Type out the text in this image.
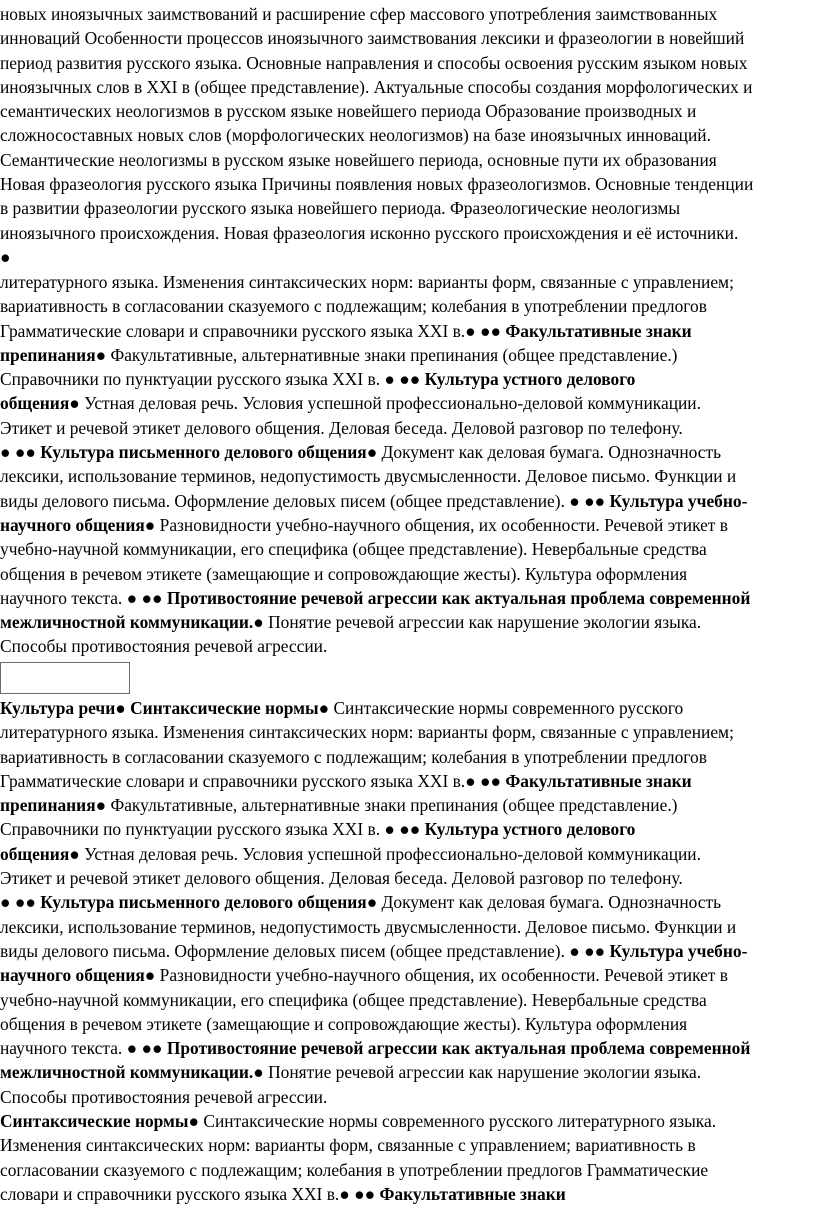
новых иноязычных заимствований и расширение сфер массового употребления заимствованных

инноваций Особенности процессов иноязычного заимствования лексики и фразеологии в новейший

период развития русского языка. Основные направления и способы освоения русским языком новых

иноязычных слов в XXI в (общее представление). Актуальные способы создания морфологических и

семантических неологизмов в русском языке новейшего периода Образование производных и

сложносоставных новых слов (морфологических неологизмов) на базе иноязычных инноваций.

Семантические неологизмы в русском языке новейшего периода, основные пути их образования

Новая фразеология русского языка Причины появления новых фразеологизмов. Основные тенденции

в развитии фразеологии русского языка новейшего периода. Фразеологические неологизмы

иноязычного происхождения. Новая фразеология исконно русского происхождения и её источники.

●

литературного языка. Изменения синтаксических норм: варианты форм, связанные с управлением;

вариативность в согласовании сказуемого с подлежащим; колебания в употреблении предлогов

Грамматические словари и справочники русского языка XXI в.● ●● Факультативные знаки

препинания● Факультативные, альтернативные знаки препинания (общее представление.)

Справочники по пунктуации русского языка XXI в. ● ●● Культура устного делового

общения● Устная деловая речь. Условия успешной профессионально-деловой коммуникации.

Этикет и речевой этикет делового общения. Деловая беседа. Деловой разговор по телефону.

● ●● Культура письменного делового общения● Документ как деловая бумага. Однозначность

лексики, использование терминов, недопустимость двусмысленности. Деловое письмо. Функции и

виды делового письма. Оформление деловых писем (общее представление). ● ●● Культура учебно-

научного общения● Разновидности учебно-научного общения, их особенности. Речевой этикет в

учебно-научной коммуникации, его специфика (общее представление). Невербальные средства

общения в речевом этикете (замещающие и сопровождающие жесты). Культура оформления

научного текста. ● ●● Противостояние речевой агрессии как актуальная проблема современной

межличностной коммуникации.● Понятие речевой агрессии как нарушение экологии языка.

Способы противостояния речевой агрессии.

Культура речи● Синтаксические нормы● Синтаксические нормы современного русского

литературного языка. Изменения синтаксических норм: варианты форм, связанные с управлением;

вариативность в согласовании сказуемого с подлежащим; колебания в употреблении предлогов

Грамматические словари и справочники русского языка XXI в.● ●● Факультативные знаки

препинания● Факультативные, альтернативные знаки препинания (общее представление.)

Справочники по пунктуации русского языка XXI в. ● ●● Культура устного делового

общения● Устная деловая речь. Условия успешной профессионально-деловой коммуникации.

Этикет и речевой этикет делового общения. Деловая беседа. Деловой разговор по телефону.

● ●● Культура письменного делового общения● Документ как деловая бумага. Однозначность

лексики, использование терминов, недопустимость двусмысленности. Деловое письмо. Функции и

виды делового письма. Оформление деловых писем (общее представление). ● ●● Культура учебно-

научного общения● Разновидности учебно-научного общения, их особенности. Речевой этикет в

учебно-научной коммуникации, его специфика (общее представление). Невербальные средства

общения в речевом этикете (замещающие и сопровождающие жесты). Культура оформления

научного текста. ● ●● Противостояние речевой агрессии как актуальная проблема современной

межличностной коммуникации.● Понятие речевой агрессии как нарушение экологии языка.

Способы противостояния речевой агрессии.

Синтаксические нормы● Синтаксические нормы современного русского литературного языка.

Изменения синтаксических норм: варианты форм, связанные с управлением; вариативность в

согласовании сказуемого с подлежащим; колебания в употреблении предлогов Грамматические

словари и справочники русского языка XXI в.● ●● Факультативные знаки
